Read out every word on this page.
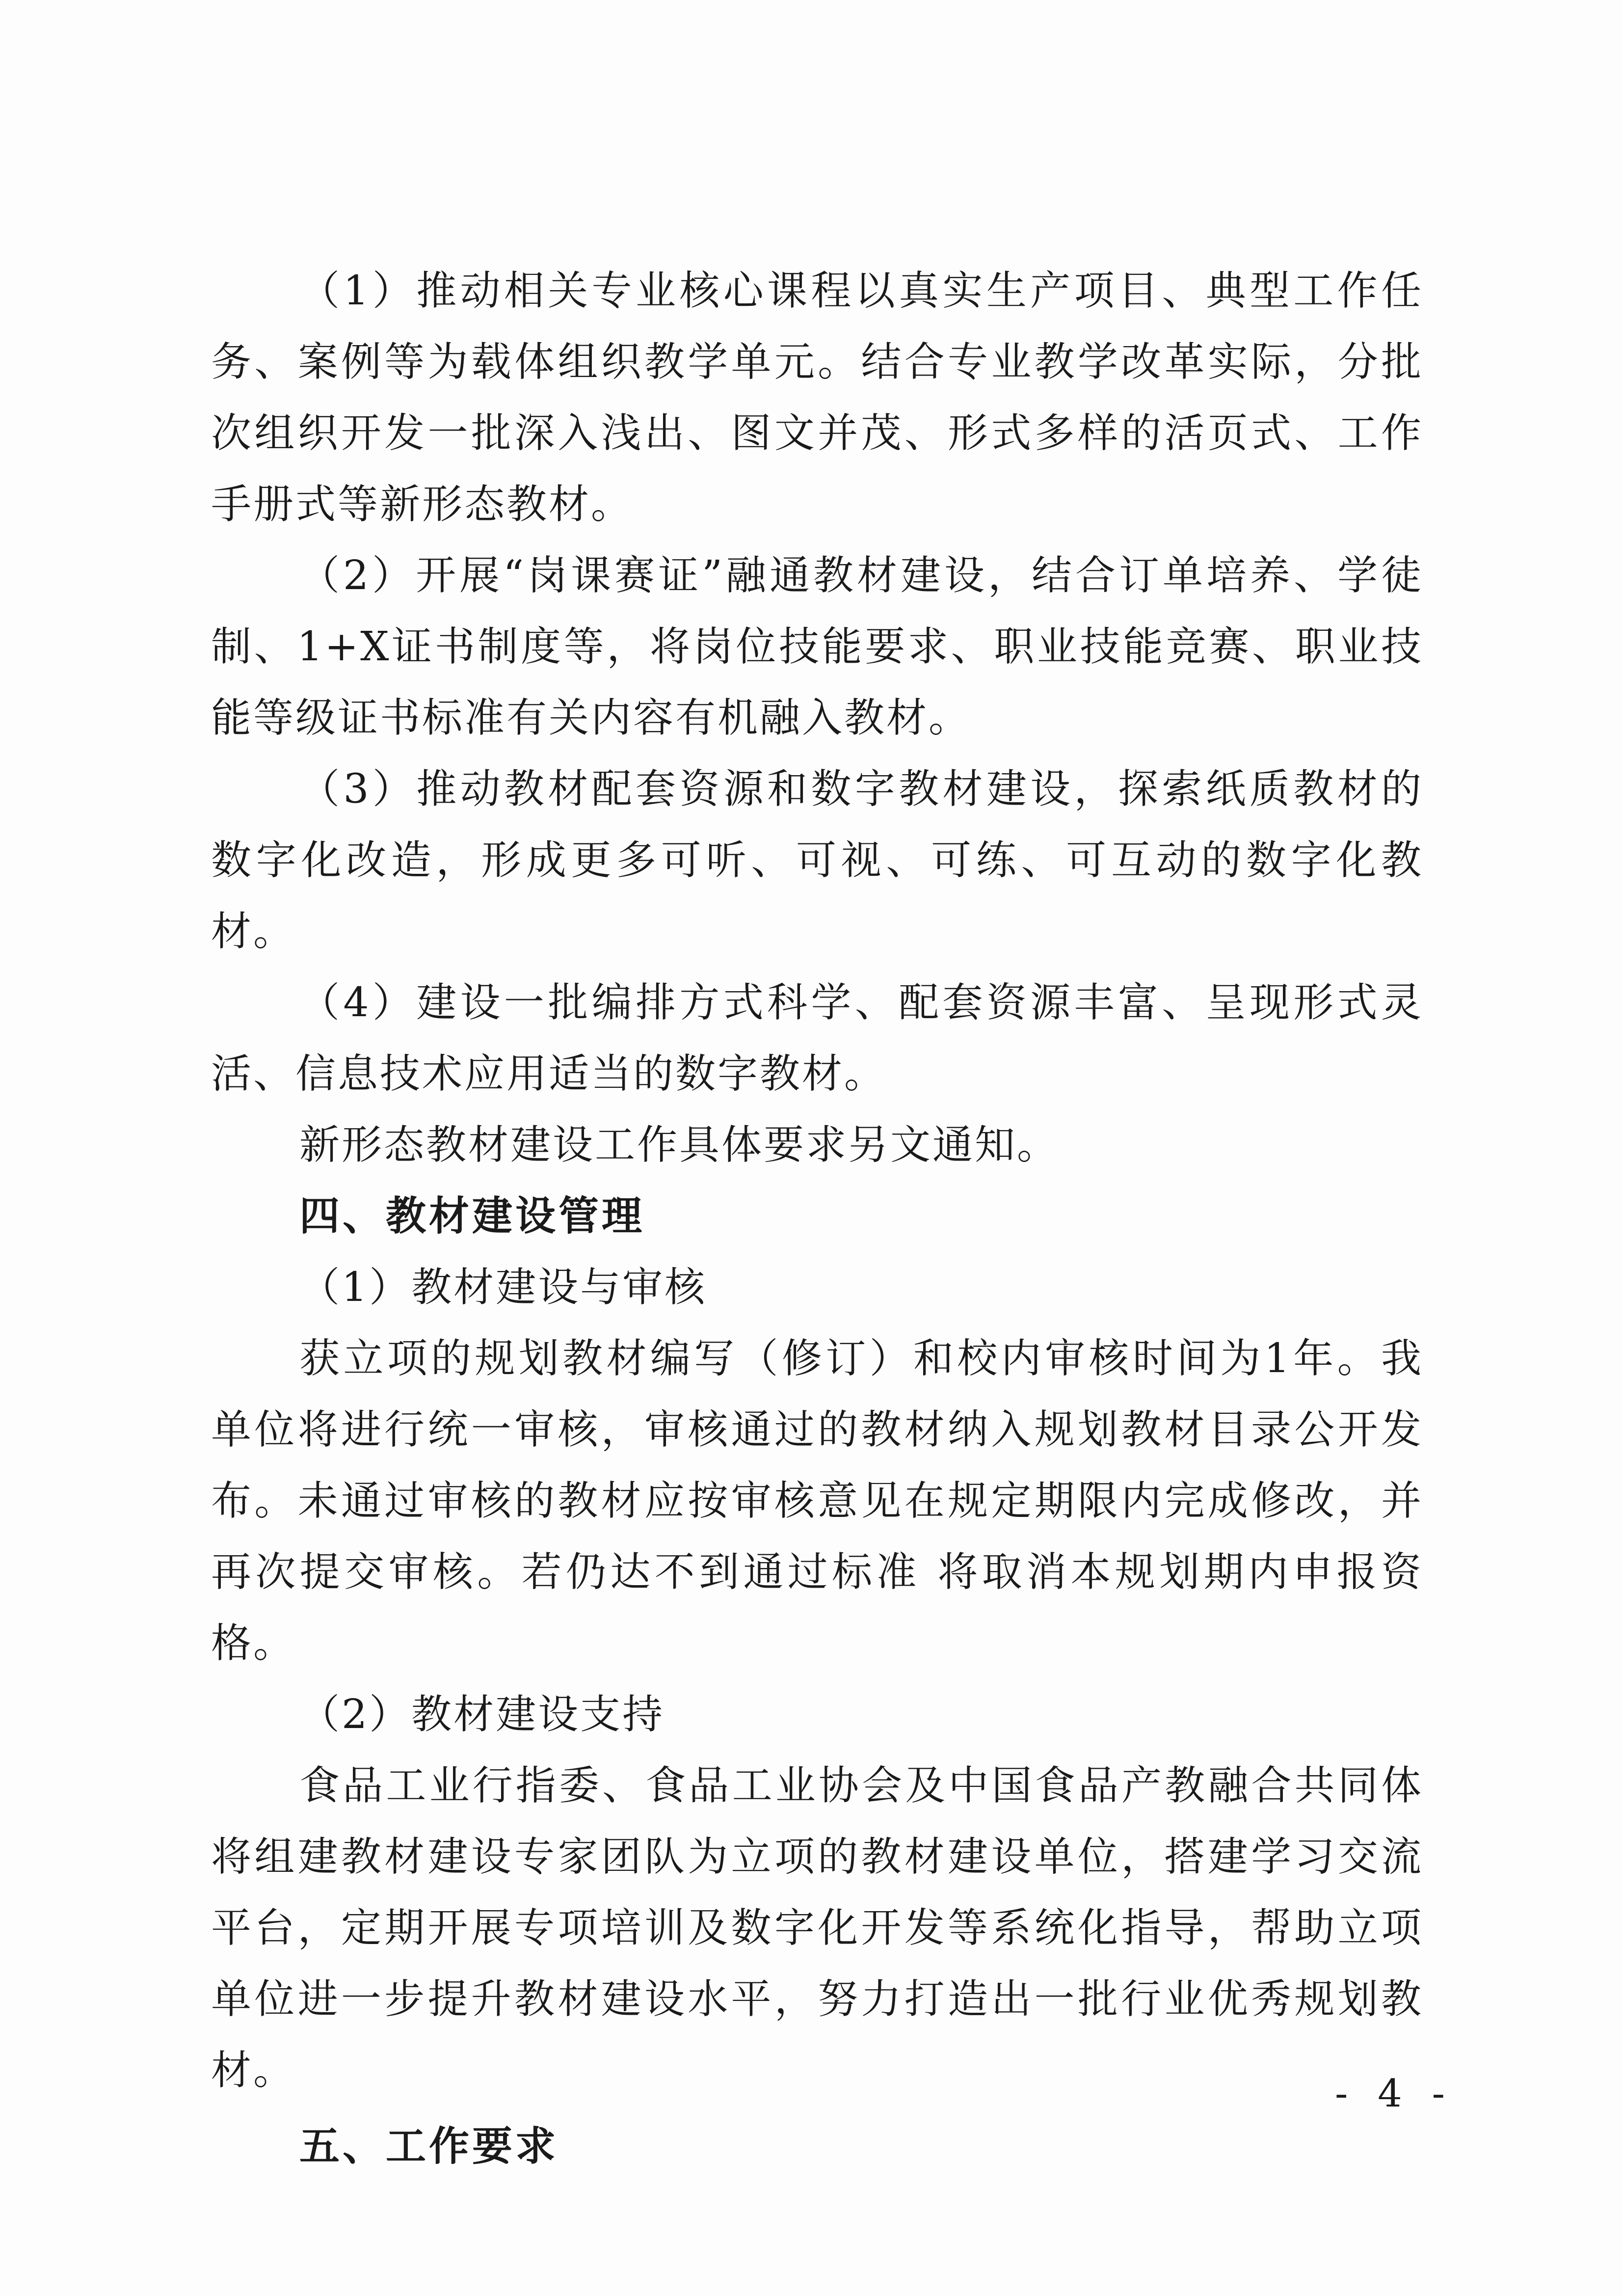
（1）推动相关专业核心课程以真实生产项目、典型工作任务、案例等为载体组织教学单元。结合专业教学改革实际，分批次组织开发一批深入浅出、图文并茂、形式多样的活页式、工作手册式等新形态教材。

（2）开展“岗课赛证”融通教材建设，结合订单培养、学徒制、1+X证书制度等，将岗位技能要求、职业技能竞赛、职业技能等级证书标准有关内容有机融入教材。

（3）推动教材配套资源和数字教材建设，探索纸质教材的数字化改造，形成更多可听、可视、可练、可互动的数字化教材。

（4）建设一批编排方式科学、配套资源丰富、呈现形式灵活、信息技术应用适当的数字教材。

新形态教材建设工作具体要求另文通知。

四、教材建设管理

（1）教材建设与审核

获立项的规划教材编写（修订）和校内审核时间为1年。我单位将进行统一审核，审核通过的教材纳入规划教材目录公开发布。未通过审核的教材应按审核意见在规定期限内完成修改，并再次提交审核。若仍达不到通过标准 将取消本规划期内申报资格。

（2）教材建设支持

食品工业行指委、食品工业协会及中国食品产教融合共同体将组建教材建设专家团队为立项的教材建设单位，搭建学习交流平台，定期开展专项培训及数字化开发等系统化指导，帮助立项单位进一步提升教材建设水平，努力打造出一批行业优秀规划教材。

五、工作要求

- 4 -
